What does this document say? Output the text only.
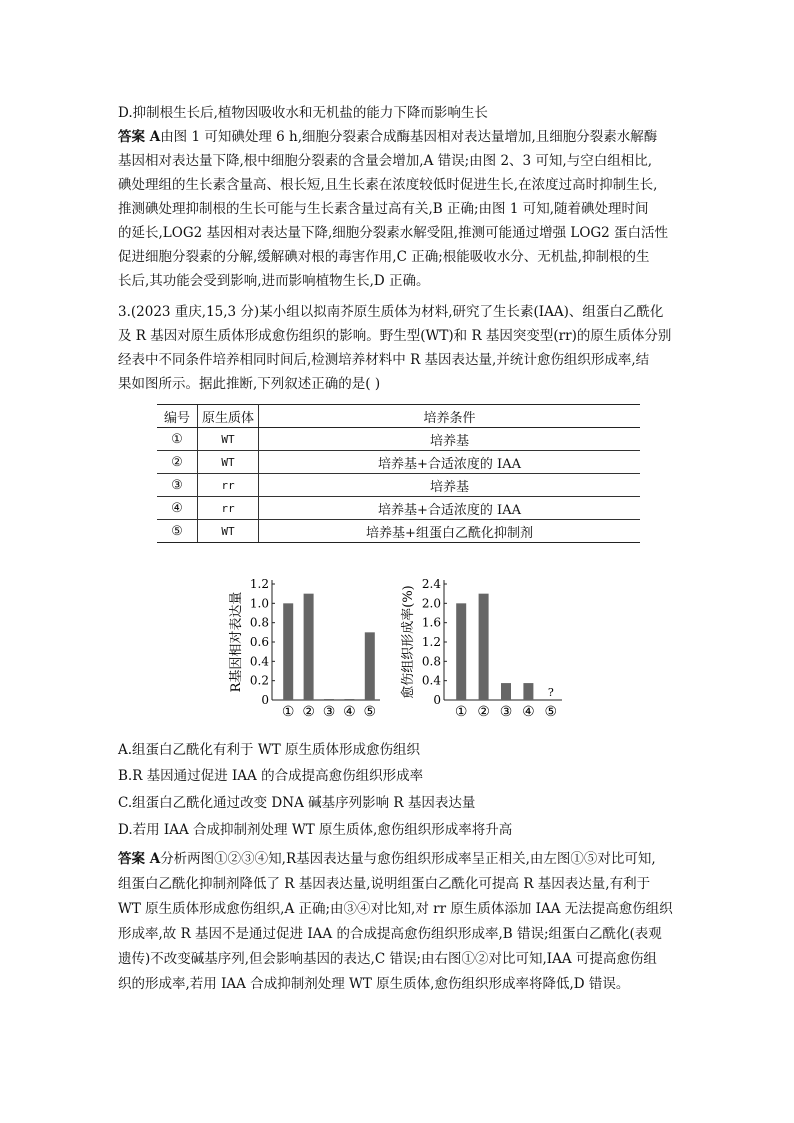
D.抑制根生长后,植物因吸收水和无机盐的能力下降而影响生长
答案 A由图 1 可知碘处理 6 h,细胞分裂素合成酶基因相对表达量增加,且细胞分裂素水解酶
基因相对表达量下降,根中细胞分裂素的含量会增加,A 错误;由图 2、3 可知,与空白组相比,
碘处理组的生长素含量高、根长短,且生长素在浓度较低时促进生长,在浓度过高时抑制生长,
推测碘处理抑制根的生长可能与生长素含量过高有关,B 正确;由图 1 可知,随着碘处理时间
的延长,LOG2 基因相对表达量下降,细胞分裂素水解受阻,推测可能通过增强 LOG2 蛋白活性
促进细胞分裂素的分解,缓解碘对根的毒害作用,C 正确;根能吸收水分、无机盐,抑制根的生
长后,其功能会受到影响,进而影响植物生长,D 正确。
3.(2023 重庆,15,3 分)某小组以拟南芥原生质体为材料,研究了生长素(IAA)、组蛋白乙酰化
及 R 基因对原生质体形成愈伤组织的影响。野生型(WT)和 R 基因突变型(rr)的原生质体分别
经表中不同条件培养相同时间后,检测培养材料中 R 基因表达量,并统计愈伤组织形成率,结
果如图所示。据此推断,下列叙述正确的是( )
编号	原生质体	培养条件
①	WT	培养基
②	WT	培养基+合适浓度的 IAA
③	rr	培养基
④	rr	培养基+合适浓度的 IAA
⑤	WT	培养基+组蛋白乙酰化抑制剂
R基因相对表达量
0
0.2
0.4
0.6
0.8
1.0
1.2
① ② ③ ④ ⑤
愈伤组织形成率(%)
0
0.4
0.8
1.2
1.6
2.0
2.4
① ② ③ ④
?
⑤
A.组蛋白乙酰化有利于 WT 原生质体形成愈伤组织
B.R 基因通过促进 IAA 的合成提高愈伤组织形成率
C.组蛋白乙酰化通过改变 DNA 碱基序列影响 R 基因表达量
D.若用 IAA 合成抑制剂处理 WT 原生质体,愈伤组织形成率将升高
答案 A分析两图①②③④知,R基因表达量与愈伤组织形成率呈正相关,由左图①⑤对比可知,
组蛋白乙酰化抑制剂降低了 R 基因表达量,说明组蛋白乙酰化可提高 R 基因表达量,有利于
WT 原生质体形成愈伤组织,A 正确;由③④对比知,对 rr 原生质体添加 IAA 无法提高愈伤组织
形成率,故 R 基因不是通过促进 IAA 的合成提高愈伤组织形成率,B 错误;组蛋白乙酰化(表观
遗传)不改变碱基序列,但会影响基因的表达,C 错误;由右图①②对比可知,IAA 可提高愈伤组
织的形成率,若用 IAA 合成抑制剂处理 WT 原生质体,愈伤组织形成率将降低,D 错误。
